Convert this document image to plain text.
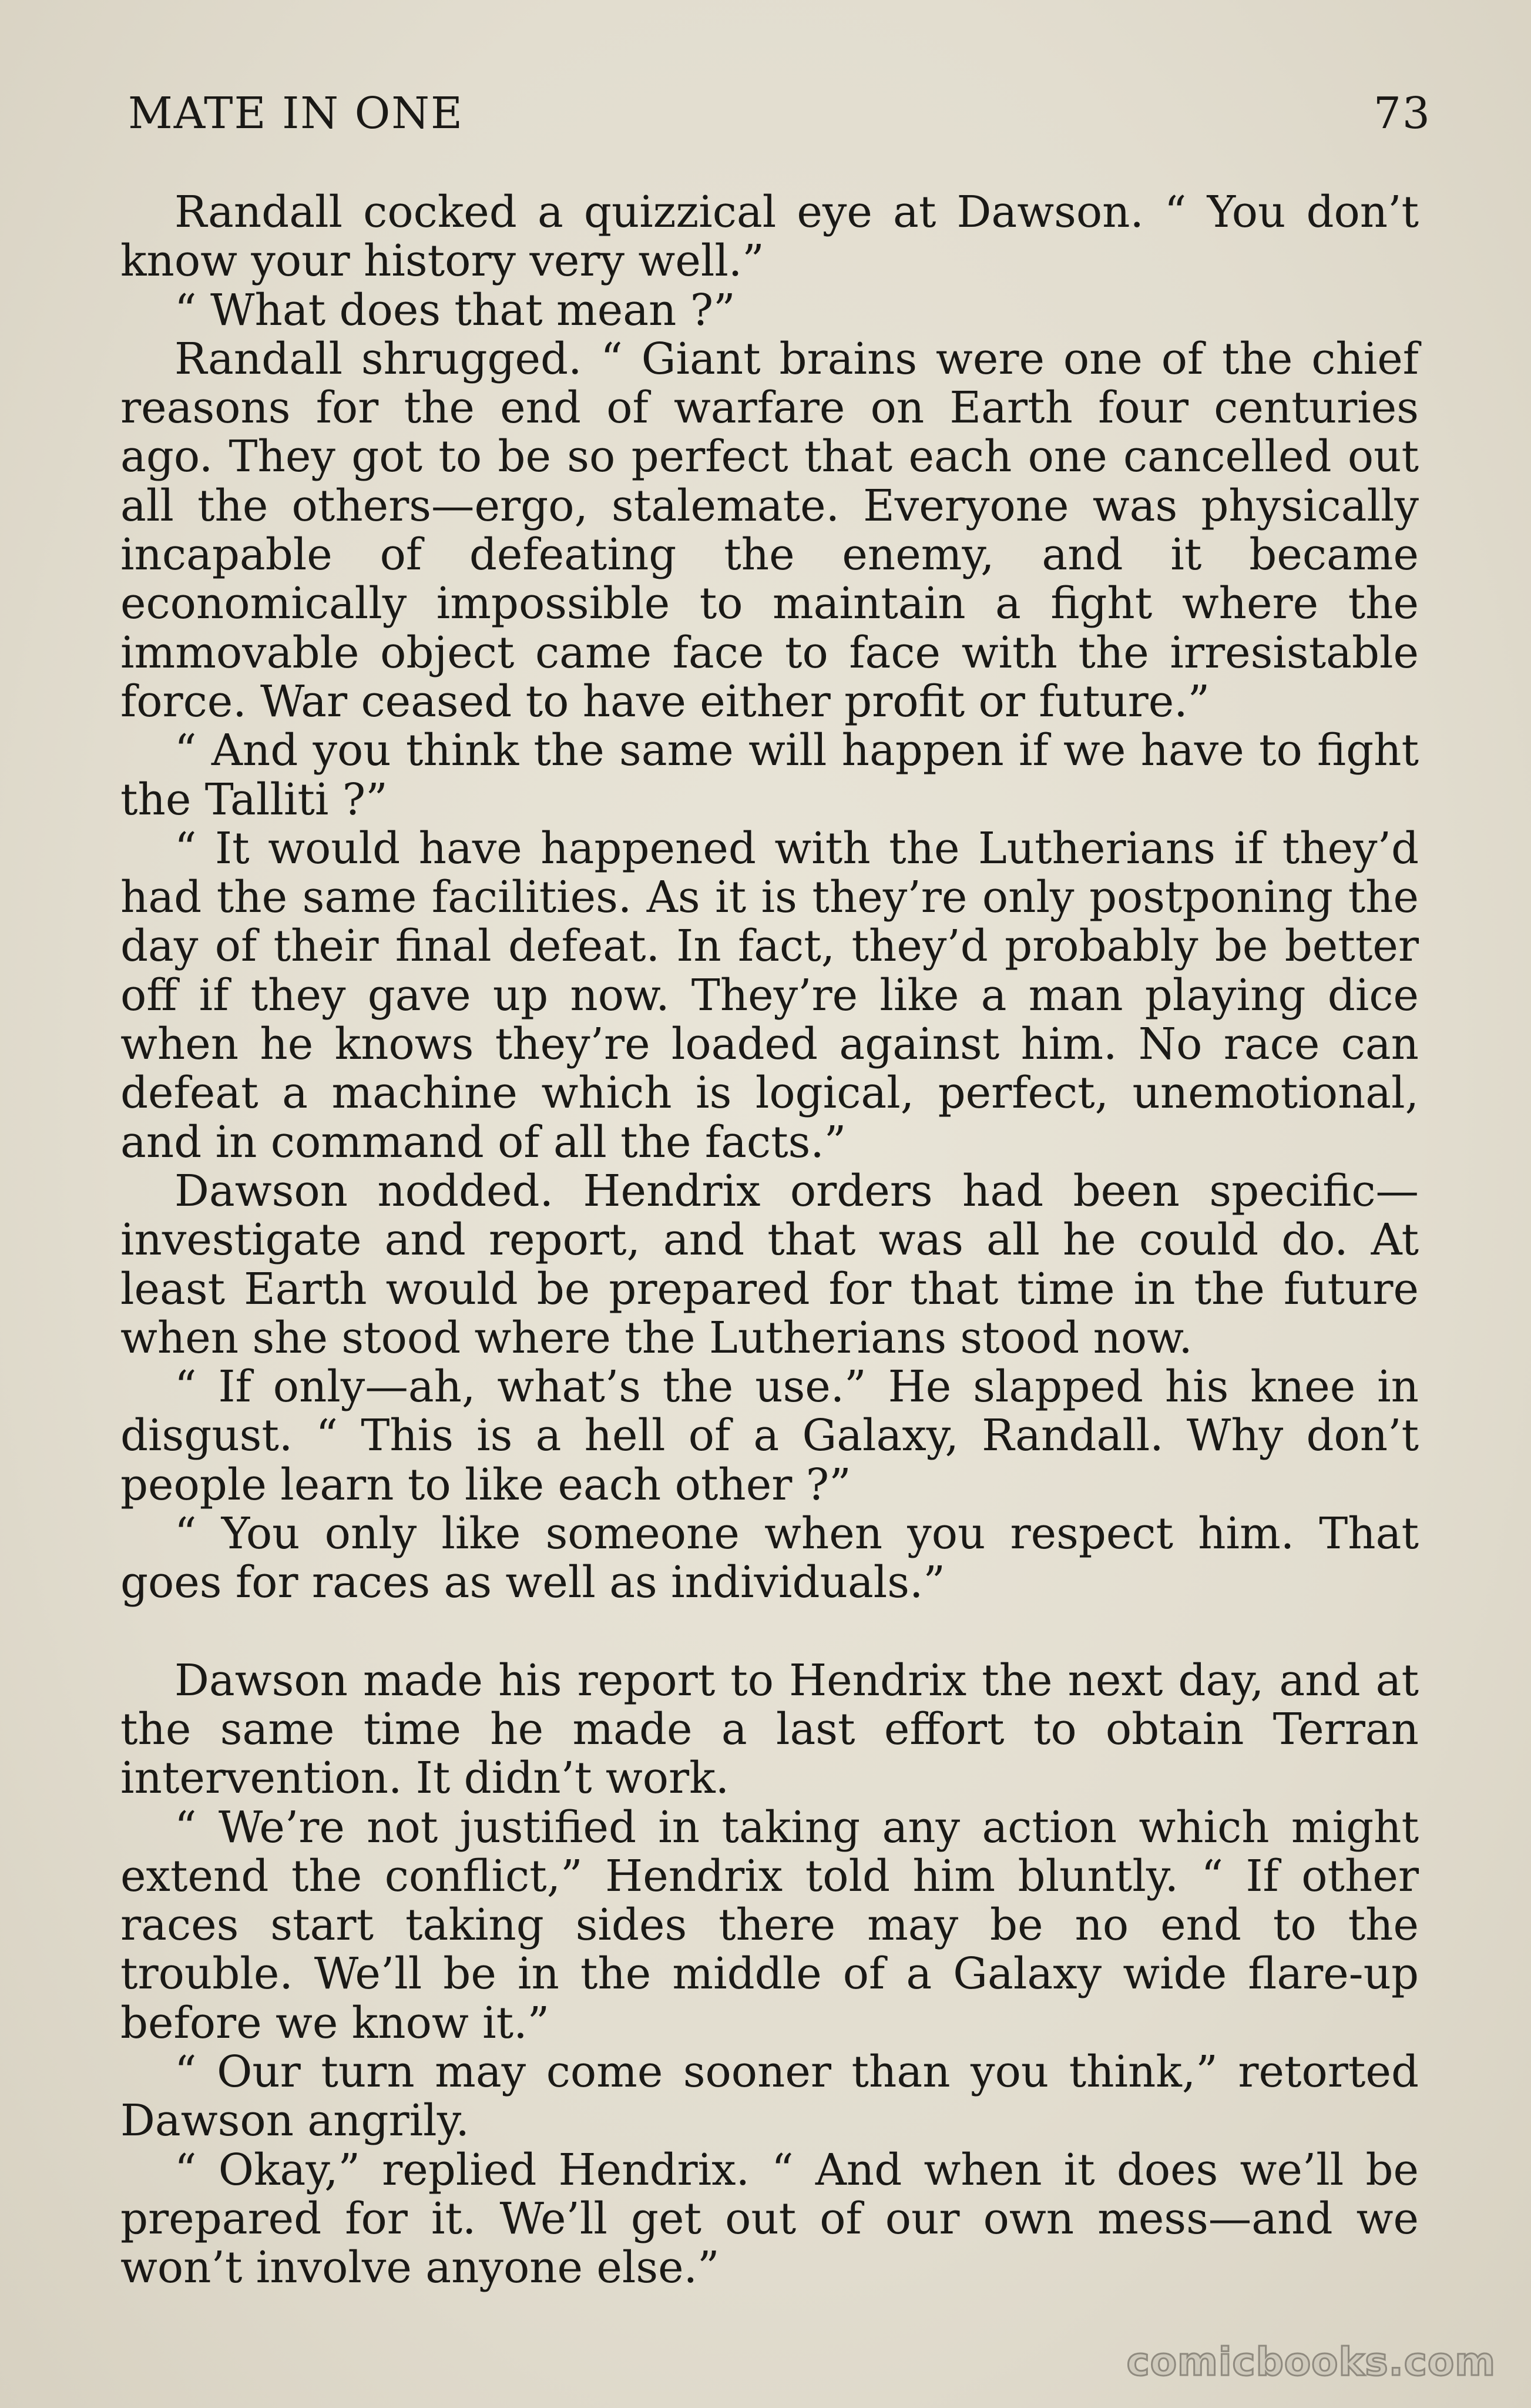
MATE IN ONE	73

Randall cocked a quizzical eye at Dawson. “ You don’t know your history very well.”

“ What does that mean ?”

Randall shrugged. “ Giant brains were one of the chief reasons for the end of warfare on Earth four centuries ago. They got to be so perfect that each one cancelled out all the others—ergo, stalemate. Everyone was physically incapable of defeating the enemy, and it became economically impossible to maintain a fight where the immovable object came face to face with the irresistable force. War ceased to have either profit or future.”

“ And you think the same will happen if we have to fight the Talliti ?”

“ It would have happened with the Lutherians if they’d had the same facilities. As it is they’re only postponing the day of their final defeat. In fact, they’d probably be better off if they gave up now. They’re like a man playing dice when he knows they’re loaded against him. No race can defeat a machine which is logical, perfect, unemotional, and in command of all the facts.”

Dawson nodded. Hendrix orders had been specific—investigate and report, and that was all he could do. At least Earth would be prepared for that time in the future when she stood where the Lutherians stood now.

“ If only—ah, what’s the use.” He slapped his knee in disgust. “ This is a hell of a Galaxy, Randall. Why don’t people learn to like each other ?”

“ You only like someone when you respect him. That goes for races as well as individuals.”

Dawson made his report to Hendrix the next day, and at the same time he made a last effort to obtain Terran intervention. It didn’t work.

“ We’re not justified in taking any action which might extend the conflict,” Hendrix told him bluntly. “ If other races start taking sides there may be no end to the trouble. We’ll be in the middle of a Galaxy wide flare-up before we know it.”

“ Our turn may come sooner than you think,” retorted Dawson angrily.

“ Okay,” replied Hendrix. “ And when it does we’ll be prepared for it. We’ll get out of our own mess—and we won’t involve anyone else.”

comicbooks.com
